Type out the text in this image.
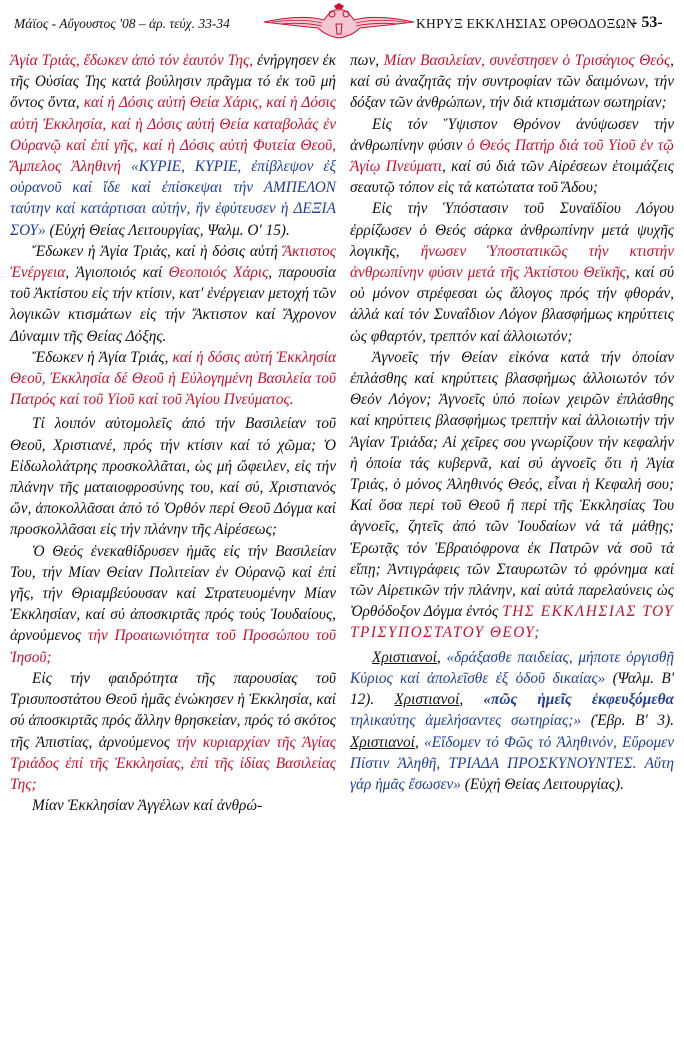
Μάϊος - Αὔγουστος '08 – ἀρ. τεύχ. 33-34	ΚΗΡΥΞ ΕΚΚΛΗΣΙΑΣ ΟΡΘΟΔΟΞΩΝ
- 53-

Ἁγία Τριάς, ἔδωκεν ἀπό τόν ἑαυτόν Της, ἐνήργησεν ἐκ τῆς Οὐσίας Της κατά βούλησιν πρᾶγμα τό ἐκ τοῦ μή ὄντος ὄντα, καί ἡ Δόσις αὐτή Θεία Χάρις, καί ἡ Δόσις αὐτή Ἐκκλησία, καί ἡ Δόσις αὐτή Θεία καταβολάς ἐν Οὐρανῷ καί ἐπί γῆς, καί ἡ Δόσις αὐτή Φυτεία Θεοῦ, Ἄμπελος Ἀληθινή «ΚΥΡΙΕ, ΚΥΡΙΕ, ἐπίβλεψον ἐξ οὐρανοῦ καί ἴδε καί ἐπίσκεψαι τήν ΑΜΠΕΛΟΝ ταύτην καί κατάρτισαι αὐτήν, ἥν ἐφύτευσεν ἡ ΔΕΞΙΑ ΣΟΥ» (Εὐχή Θείας Λειτουργίας, Ψαλμ. Ο' 15).

Ἔδωκεν ἡ Ἁγία Τριάς, καί ἡ δόσις αὐτή Ἄκτιστος Ἐνέργεια, Ἁγιοποιός καί Θεοποιός Χάρις, παρουσία τοῦ Ἀκτίστου εἰς τήν κτίσιν, κατ' ἐνέργειαν μετοχή τῶν λογικῶν κτισμάτων εἰς τήν Ἄκτιστον καί Ἄχρονον Δύναμιν τῆς Θείας Δόξης.

Ἔδωκεν ἡ Ἁγία Τριάς, καί ἡ δόσις αὐτή Ἐκκλησία Θεοῦ, Ἐκκλησία δέ Θεοῦ ἡ Εὐλογημένη Βασιλεία τοῦ Πατρός καί τοῦ Υἱοῦ καί τοῦ Ἁγίου Πνεύματος.

Τί λοιπόν αὐτομολεῖς ἀπό τήν Βασιλείαν τοῦ Θεοῦ, Χριστιανέ, πρός τήν κτίσιν καί τό χῶμα; Ὁ Εἰδωλολάτρης προσκολλᾶται, ὡς μή ὤφειλεν, εἰς τήν πλάνην τῆς ματαιοφροσύνης του, καί σύ, Χριστιανός ὤν, ἀποκολλᾶσαι ἀπό τό Ὀρθόν περί Θεοῦ Δόγμα καί προσκολλᾶσαι εἰς τήν πλάνην τῆς Αἱρέσεως;

Ὁ Θεός ἐνεκαθίδρυσεν ἡμᾶς εἰς τήν Βασιλείαν Του, τήν Μίαν Θείαν Πολιτείαν ἐν Οὐρανῷ καί ἐπί γῆς, τήν Θριαμβεύουσαν καί Στρατευομένην Μίαν Ἐκκλησίαν, καί σύ ἀποσκιρτᾶς πρός τούς Ἰουδαίους, ἀρνούμενος τήν Προαιωνιότητα τοῦ Προσώπου τοῦ Ἰησοῦ;

Εἰς τήν φαιδρότητα τῆς παρουσίας τοῦ Τρισυποστάτου Θεοῦ ἡμᾶς ἐνώκησεν ἡ Ἐκκλησία, καί σύ ἀποσκιρτᾶς πρός ἄλλην θρησκείαν, πρός τό σκότος τῆς Ἀπιστίας, ἀρνούμενος τήν κυριαρχίαν τῆς Ἁγίας Τριάδος ἐπί τῆς Ἐκκλησίας, ἐπί τῆς ἰδίας Βασιλείας Της;

Μίαν Ἐκκλησίαν Ἀγγέλων καί ἀνθρώ-

πων, Μίαν Βασιλείαν, συνέστησεν ὁ Τρισάγιος Θεός, καί σύ ἀναζητᾶς τήν συντροφίαν τῶν δαιμόνων, τήν δόξαν τῶν ἀνθρώπων, τήν διά κτισμάτων σωτηρίαν;

Εἰς τόν Ὕψιστον Θρόνον ἀνύψωσεν τήν ἀνθρωπίνην φύσιν ὁ Θεός Πατήρ διά τοῦ Υἱοῦ ἐν τῷ Ἁγίῳ Πνεύματι, καί σύ διά τῶν Αἱρέσεων ἑτοιμάζεις σεαυτῷ τόπον εἰς τά κατώτατα τοῦ Ἅδου;

Εἰς τήν Ὑπόστασιν τοῦ Συναϊδίου Λόγου ἐρρίζωσεν ὁ Θεός σάρκα ἀνθρωπίνην μετά ψυχῆς λογικῆς, ἥνωσεν Ὑποστατικῶς τήν κτιστήν ἀνθρωπίνην φύσιν μετά τῆς Ἀκτίστου Θεϊκῆς, καί σύ οὐ μόνον στρέφεσαι ὡς ἄλογος πρός τήν φθοράν, ἀλλά καί τόν Συναΐδιον Λόγον βλασφήμως κηρύττεις ὡς φθαρτόν, τρεπτόν καί ἀλλοιωτόν;

Ἀγνοεῖς τήν Θείαν εἰκόνα κατά τήν ὁποίαν ἐπλάσθης καί κηρύττεις βλασφήμως ἀλλοιωτόν τόν Θεόν Λόγον; Ἀγνοεῖς ὑπό ποίων χειρῶν ἐπλάσθης καί κηρύττεις βλασφήμως τρεπτήν καί ἀλλοιωτήν τήν Ἁγίαν Τριάδα; Αἱ χεῖρες σου γνωρίζουν τήν κεφαλήν ἡ ὁποία τάς κυβερνᾶ, καί σύ ἀγνοεῖς ὅτι ἡ Ἁγία Τριάς, ὁ μόνος Ἀληθινός Θεός, εἶναι ἡ Κεφαλή σου; Καί ὅσα περί τοῦ Θεοῦ ἤ περί τῆς Ἐκκλησίας Του ἀγνοεῖς, ζητεῖς ἀπό τῶν Ἰουδαίων νά τά μάθῃς; Ἐρωτᾷς τόν Ἑβραιόφρονα ἐκ Πατρῶν νά σοῦ τά εἴπῃ; Ἀντιγράφεις τῶν Σταυρωτῶν τό φρόνημα καί τῶν Αἱρετικῶν τήν πλάνην, καί αὐτά παρελαύνεις ὡς Ὀρθόδοξον Δόγμα ἐντός ΤΗΣ ΕΚΚΛΗΣΙΑΣ ΤΟΥ ΤΡΙΣΥΠΟΣΤΑΤΟΥ ΘΕΟΥ;

Χριστιανοί, «δράξασθε παιδείας, μήποτε ὀργισθῇ Κύριος καί ἀπολεῖσθε ἐξ ὁδοῦ δικαίας» (Ψαλμ. Β' 12). Χριστιανοί, «πῶς ἡμεῖς ἐκφευξόμεθα τηλικαύτης ἀμελήσαντες σωτηρίας;» (Ἑβρ. Β' 3). Χριστιανοί, «Εἴδομεν τό Φῶς τό Ἀληθινόν, Εὕρομεν Πίστιν Ἀληθῆ, ΤΡΙΑΔΑ ΠΡΟΣΚΥΝΟΥΝΤΕΣ. Αὕτη γάρ ἡμᾶς ἔσωσεν» (Εὐχή Θείας Λειτουργίας).
